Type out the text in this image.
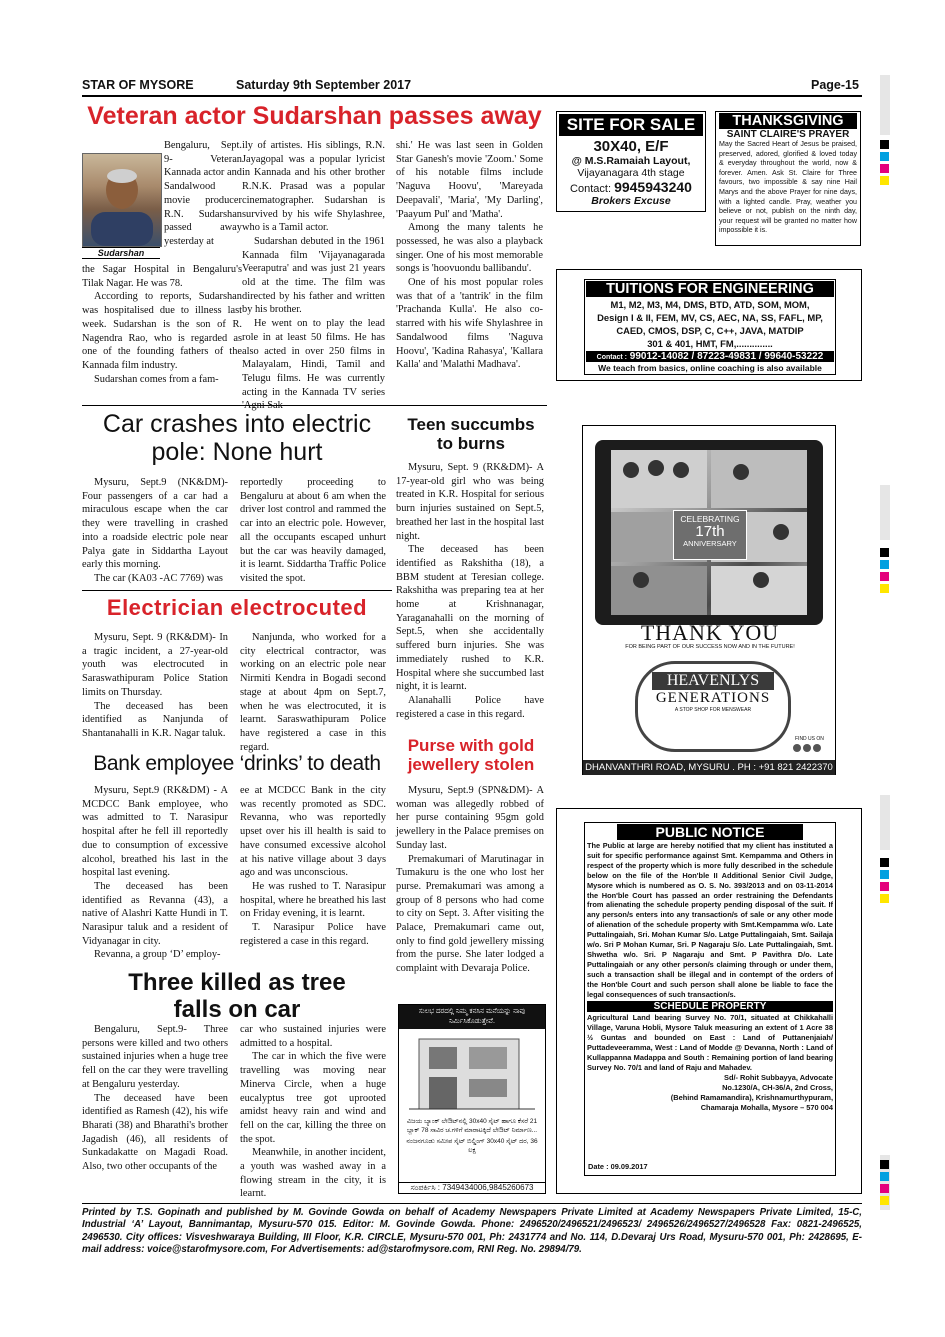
STAR OF MYSORE	Saturday 9th September 2017	Page-15
Veteran actor Sudarshan passes away
Sudarshan

Bengaluru, Sept. 9- Veteran Kannada actor and Sandalwood movie producer R.N. Sudarshan passed away yesterday at

the Sagar Hospital in Bengaluru's Tilak Nagar. He was 78.

According to reports, Sudarshan was hospitalised due to illness last week. Sudarshan is the son of R. Nagendra Rao, who is regarded as one of the founding fathers of the Kannada film industry.

Sudarshan comes from a fam-

ily of artistes. His siblings, R.N. Jayagopal was a popular lyricist in Kannada and his other brother R.N.K. Prasad was a popular cinematographer. Sudarshan is survived by his wife Shylashree, who is a Tamil actor.

Sudarshan debuted in the 1961 Kannada film 'Vijayanagarada Veeraputra' and was just 21 years old at the time. The film was directed by his father and written by his brother.

He went on to play the lead role in at least 50 films. He has also acted in over 250 films in Malayalam, Hindi, Tamil and Telugu films. He was currently acting in the Kannada TV series

shi.' He was last seen in Golden Star Ganesh's movie 'Zoom.' Some of his notable films include 'Naguva Hoovu', 'Mareyada Deepavali', 'Maria', 'My Darling', 'Paayum Pul' and 'Matha'.

Among the many talents he possessed, he was also a playback singer. One of his most memorable songs is 'hoovuondu ballibandu'.

One of his most popular roles was that of a 'tantrik' in the film 'Prachanda Kulla'. He also co-starred with his wife Shylashree in Sandalwood films 'Naguva Hoovu', 'Kadina Rahasya', 'Kallara Kalla' and 'Malathi Madhava'.

Car crashes into electric
pole: None hurt

Mysuru, Sept.9 (NK&DM)- Four passengers of a car had a miraculous escape when the car they were travelling in crashed into a roadside electric pole near Palya gate in Siddartha Layout early this morning.

The car (KA03 -AC 7769) was

reportedly proceeding to Bengaluru at about 6 am when the driver lost control and rammed the car into an electric pole. However, all the occupants escaped unhurt but the car was heavily damaged, it is learnt. Siddartha Traffic Police visited the spot.

Electrician electrocuted

Mysuru, Sept. 9 (RK&DM)- In a tragic incident, a 27-year-old youth was electrocuted in Saraswathipuram Police Station limits on Thursday.

The deceased has been identified as Nanjunda of Shantanahalli in K.R. Nagar taluk.

Nanjunda, who worked for a city electrical contractor, was working on an electric pole near Nirmiti Kendra in Bogadi second stage at about 4pm on Sept.7, when he was electrocuted, it is learnt. Saraswathipuram Police have registered a case in this regard.

Bank employee ‘drinks’ to death

Mysuru, Sept.9 (RK&DM) - A MCDCC Bank employee, who was admitted to T. Narasipur hospital after he fell ill reportedly due to consumption of excessive alcohol, breathed his last in the hospital last evening.

The deceased has been identified as Revanna (43), a native of Alashri Katte Hundi in T. Narasipur taluk and a resident of Vidyanagar in city.

Revanna, a group ‘D’ employ-

ee at MCDCC Bank in the city was recently promoted as SDC. Revanna, who was reportedly upset over his ill health is said to have consumed excessive alcohol at his native village about 3 days ago and was unconscious.

He was rushed to T. Narasipur hospital, where he breathed his last on Friday evening, it is learnt.

T. Narasipur Police have registered a case in this regard.

Three killed as tree
falls on car

Bengaluru, Sept.9- Three persons were killed and two others sustained injuries when a huge tree fell on the car they were travelling at Bengaluru yesterday.

The deceased have been identified as Ramesh (42), his wife Bharati (38) and Bharathi's brother Jagadish (46), all residents of Sunkadakatte on Magadi Road. Also, two other occupants of the

car who sustained injuries were admitted to a hospital.

The car in which the five were travelling was moving near Minerva Circle, when a huge eucalyptus tree got uprooted amidst heavy rain and wind and fell on the car, killing the three on the spot.

Meanwhile, in another incident, a youth was washed away in a flowing stream in the city, it is learnt.

Teen succumbs
to burns

Mysuru, Sept. 9 (RK&DM)- A 17-year-old girl who was being treated in K.R. Hospital for serious burn injuries sustained on Sept.5, breathed her last in the hospital last night.

The deceased has been identified as Rakshitha (18), a BBM student at Teresian college. Rakshitha was preparing tea at her home at Krishnanagar, Yaraganahalli on the morning of Sept.5, when she accidentally suffered burn injuries. She was immediately rushed to K.R. Hospital where she succumbed last night, it is learnt.

Alanahalli Police have registered a case in this regard.

Purse with gold
jewellery stolen

Mysuru, Sept.9 (SPN&DM)- A woman was allegedly robbed of her purse containing 95gm gold jewellery in the Palace premises on Sunday last.

Premakumari of Marutinagar in Tumakuru is the one who lost her purse. Premakumari was among a group of 8 persons who had come to city on Sept. 3. After visiting the Palace, Premakumari came out, only to find gold jewellery missing from the purse. She later lodged a complaint with Devaraja Police.

SITE FOR SALE
30X40, E/F
@ M.S.Ramaiah Layout,
Vijayanagara 4th stage
Contact: 9945943240
Brokers Excuse
THANKSGIVING
SAINT CLAIRE'S PRAYER
May the Sacred Heart of Jesus be praised, preserved, adored, glorified & loved today & everyday throughout the world, now & forever. Amen. Ask St. Claire for Three favours, two impossible & say nine Hail Marys and the above Prayer for nine days, with a lighted candle. Pray, weather you believe or not, publish on the ninth day, your request will be granted no matter how impossible it is.
TUITIONS FOR ENGINEERING
M1, M2, M3, M4, DMS, BTD, ATD, SOM, MOM,
Design I & II, FEM, MV, CS, AEC, NA, SS, FAFL, MP,
CAED, CMOS, DSP, C, C++, JAVA, MATDIP
301 & 401, HMT, FM,..............
Contact : 99012-14082 / 87223-49831 / 99640-53222
We teach from basics, online coaching is also available
CELEBRATING
17th
ANNIVERSARY
THANK YOU
FOR BEING PART OF OUR SUCCESS NOW AND IN THE FUTURE!
HEAVENLYS
GENERATIONS
A STOP SHOP FOR MENSWEAR
FIND US ON

DHANVANTHRI ROAD, MYSURU . PH : +91 821 2422370
ಸುಲಭ ದರದಲ್ಲಿ ನಿಮ್ಮ ಕನಸಿನ ಮನೆಯನ್ನು ನಾವು ನಿರ್ಮಿಸಿಕೊಡುತ್ತೇವೆ.
ವಿಜಯ ಬ್ಯಾಂಕ್ ಲೇಔಟ್‌ನಲ್ಲಿ 30x40 ಸೈಟ್ ಹಾಗೂ ಕೆಸರೆ 21 ಬ್ಲಾಕ್ 78 ಸಾವಿರ ಚ.ಗಳಿಗೆ ಮಾರಾಟಕ್ಕಿದೆ ಲೇಔಟ್ ನಿರ್ಮಾಣ...
ನಂಜನಗೂಡು ಸಮೀಪ ಸೈಟ್ ಬಿಲ್ಡಿಂಗ್ 30x40 ಸೈಟ್ ದರ, 36 ಲಕ್ಷ
ಸಂಪರ್ಕಿಸಿ : 7349434006,9845260673
PUBLIC NOTICE
The Public at large are hereby notified that my client has instituted a suit for specific performance against Smt. Kempamma and Others in respect of the property which is more fully described in the schedule below on the file of the Hon'ble II Additional Senior Civil Judge, Mysore which is numbered as O. S. No. 393/2013 and on 03-11-2014 the Hon'ble Court has passed an order restraining the Defendants from alienating the schedule property pending disposal of the suit. If any person/s enters into any transaction/s of sale or any other mode of alienation of the schedule property with Smt.Kempamma w/o. Late Puttalingaiah, Sri. Mohan Kumar S/o. Latge Puttalingaiah, Smt. Sailaja w/o. Sri P Mohan Kumar, Sri. P Nagaraju S/o. Late Puttalingaiah, Smt. Shwetha w/o. Sri. P Nagaraju and Smt. P Pavithra D/o. Late Puttalingaiah or any other person/s claiming through or under them, such a transaction shall be illegal and in contempt of the orders of the Hon'ble Court and such person shall alone be liable to face the legal consequences of such transaction/s.
SCHEDULE PROPERTY
Agricultural Land bearing Survey No. 70/1, situated at Chikkahalli Village, Varuna Hobli, Mysore Taluk measuring an extent of 1 Acre 38 ½ Guntas and bounded on East : Land of Puttanenjaiah/ Puttadeveeramma, West : Land of Modde @ Devanna, North : Land of Kullappanna Madappa and South : Remaining portion of land bearing Survey No. 70/1 and land of Raju and Mahadev.
Sd/- Rohit Subbayya, Advocate
No.1230/A, CH-36/A, 2nd Cross,
(Behind Ramamandira), Krishnamurthypuram,
Chamaraja Mohalla, Mysore – 570 004
Date : 09.09.2017
Printed by T.S. Gopinath and published by M. Govinde Gowda on behalf of Academy Newspapers Private Limited at Academy Newspapers Private Limited, 15-C, Industrial ‘A’ Layout, Bannimantap, Mysuru-570 015. Editor: M. Govinde Gowda. Phone: 2496520/2496521/2496523/ 2496526/2496527/2496528 Fax: 0821-2496525, 2496530. City offices: Visveshwaraya Building, III Floor, K.R. CIRCLE, Mysuru-570 001, Ph: 2431774 and No. 114, D.Devaraj Urs Road, Mysuru-570 001, Ph: 2428695, E-mail address: voice@starofmysore.com, For Advertisements: ad@starofmysore.com, RNI Reg. No. 29894/79.
